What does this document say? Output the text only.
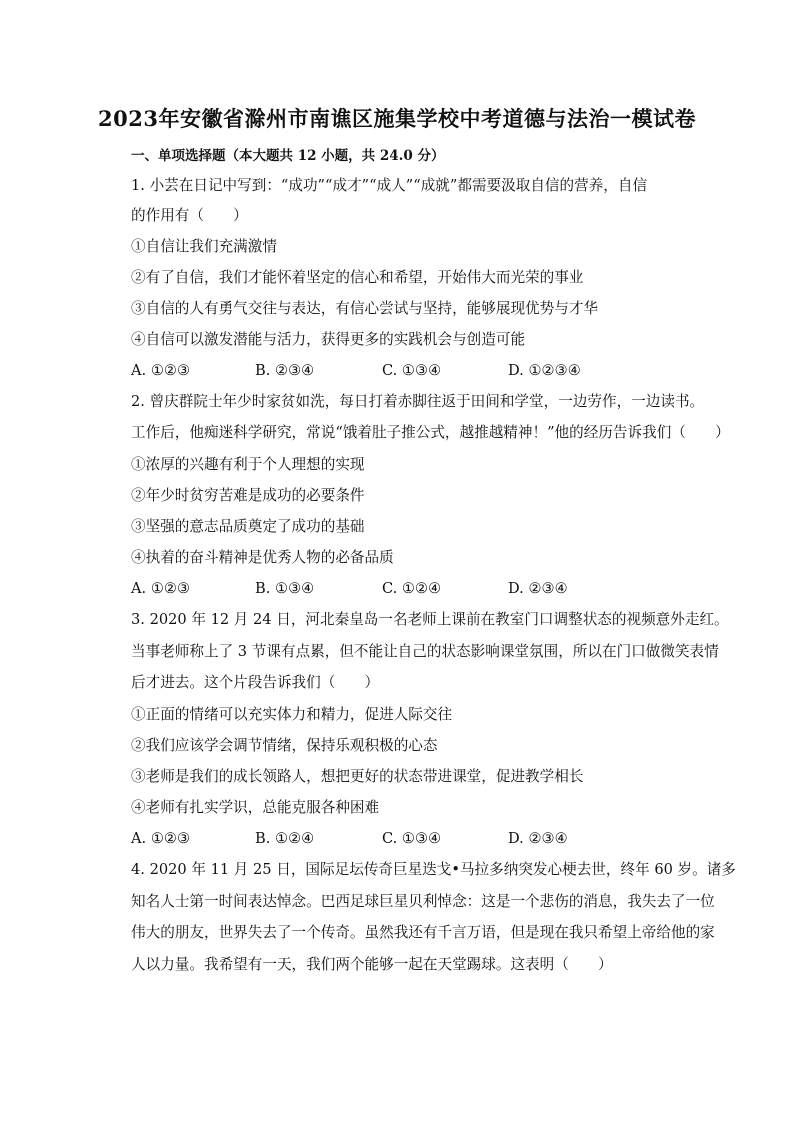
2023年安徽省滁州市南谯区施集学校中考道德与法治一模试卷
一、单项选择题（本大题共 12 小题，共 24.0 分）
1. 小芸在日记中写到：“成功”“成才”“成人”“成就”都需要汲取自信的营养，自信
的作用有（　　）
①自信让我们充满激情
②有了自信，我们才能怀着坚定的信心和希望，开始伟大而光荣的事业
③自信的人有勇气交往与表达，有信心尝试与坚持，能够展现优势与才华
④自信可以激发潜能与活力，获得更多的实践机会与创造可能
A. ①②③	B. ②③④	C. ①③④	D. ①②③④
2. 曾庆群院士年少时家贫如洗，每日打着赤脚往返于田间和学堂，一边劳作，一边读书。
工作后，他痴迷科学研究，常说“饿着肚子推公式，越推越精神！”他的经历告诉我们（　　）
①浓厚的兴趣有利于个人理想的实现
②年少时贫穷苦难是成功的必要条件
③坚强的意志品质奠定了成功的基础
④执着的奋斗精神是优秀人物的必备品质
A. ①②③	B. ①③④	C. ①②④	D. ②③④
3. 2020 年 12 月 24 日，河北秦皇岛一名老师上课前在教室门口调整状态的视频意外走红。
当事老师称上了 3 节课有点累，但不能让自己的状态影响课堂氛围，所以在门口做微笑表情
后才进去。这个片段告诉我们（　　）
①正面的情绪可以充实体力和精力，促进人际交往
②我们应该学会调节情绪，保持乐观积极的心态
③老师是我们的成长领路人，想把更好的状态带进课堂，促进教学相长
④老师有扎实学识，总能克服各种困难
A. ①②③	B. ①②④	C. ①③④	D. ②③④
4. 2020 年 11 月 25 日，国际足坛传奇巨星迭戈•马拉多纳突发心梗去世，终年 60 岁。诸多
知名人士第一时间表达悼念。巴西足球巨星贝利悼念：这是一个悲伤的消息，我失去了一位
伟大的朋友，世界失去了一个传奇。虽然我还有千言万语，但是现在我只希望上帝给他的家
人以力量。我希望有一天，我们两个能够一起在天堂踢球。这表明（　　）
